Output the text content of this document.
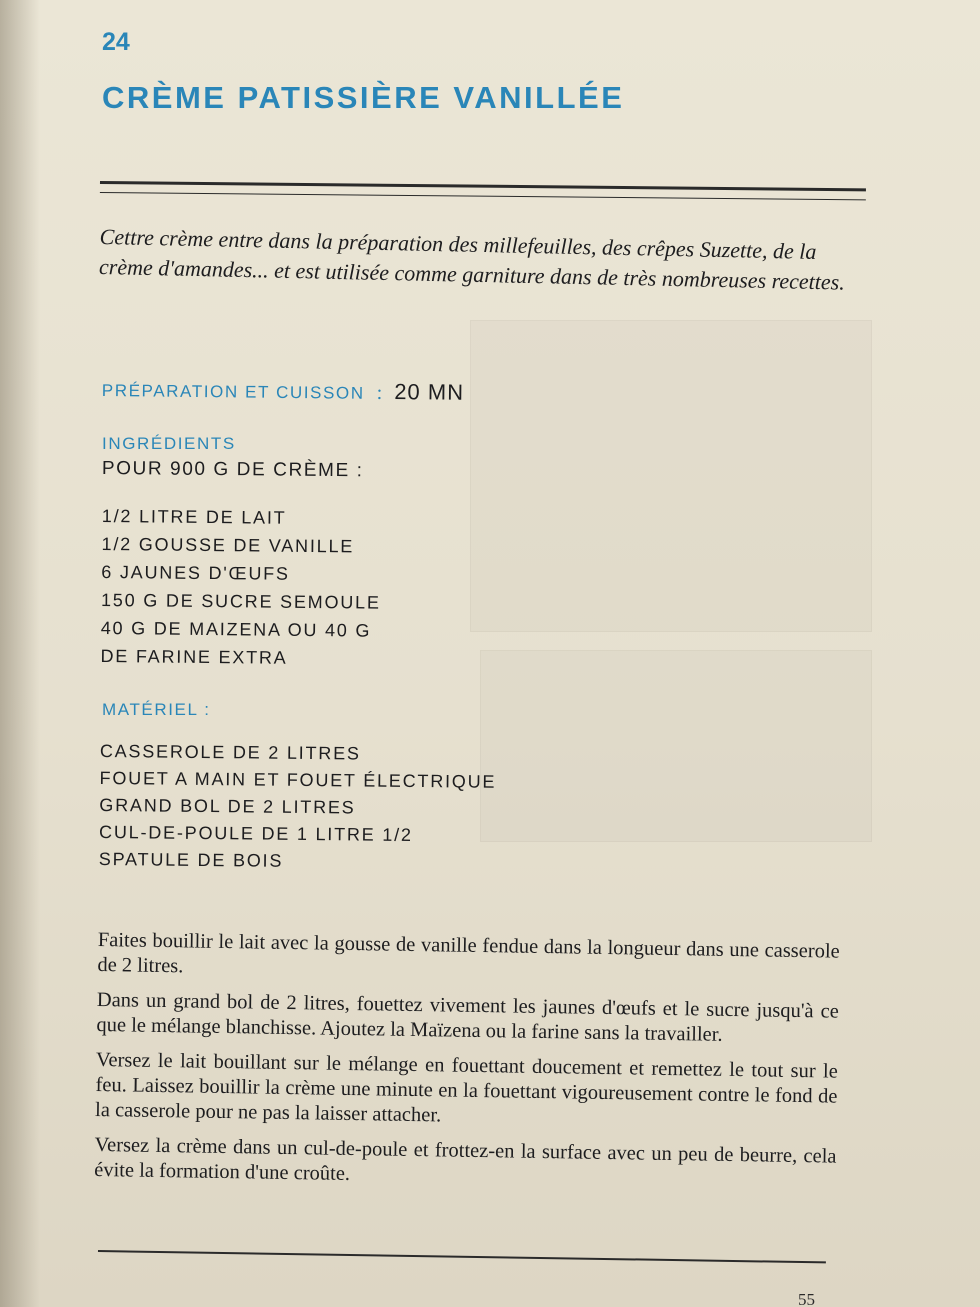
24
CRÈME PATISSIÈRE VANILLÉE

Cettre crème entre dans la préparation des millefeuilles, des crêpes Suzette, de la crème d'amandes... et est utilisée comme garniture dans de très nombreuses recettes.

PRÉPARATION ET CUISSON : 20 MN
INGRÉDIENTS
POUR 900 G DE CRÈME :
1/2 LITRE DE LAIT
1/2 GOUSSE DE VANILLE
6 JAUNES D'ŒUFS
150 G DE SUCRE SEMOULE
40 G DE MAIZENA OU 40 G
DE FARINE EXTRA
MATÉRIEL :
CASSEROLE DE 2 LITRES
FOUET A MAIN ET FOUET ÉLECTRIQUE
GRAND BOL DE 2 LITRES
CUL-DE-POULE DE 1 LITRE 1/2
SPATULE DE BOIS

Faites bouillir le lait avec la gousse de vanille fendue dans la longueur dans une casserole de 2 litres.

Dans un grand bol de 2 litres, fouettez vivement les jaunes d'œufs et le sucre jusqu'à ce que le mélange blanchisse. Ajoutez la Maïzena ou la farine sans la travailler.

Versez le lait bouillant sur le mélange en fouettant doucement et remettez le tout sur le feu. Laissez bouillir la crème une minute en la fouettant vigoureusement contre le fond de la casserole pour ne pas la laisser attacher.

Versez la crème dans un cul-de-poule et frottez-en la surface avec un peu de beurre, cela évite la formation d'une croûte.

55
